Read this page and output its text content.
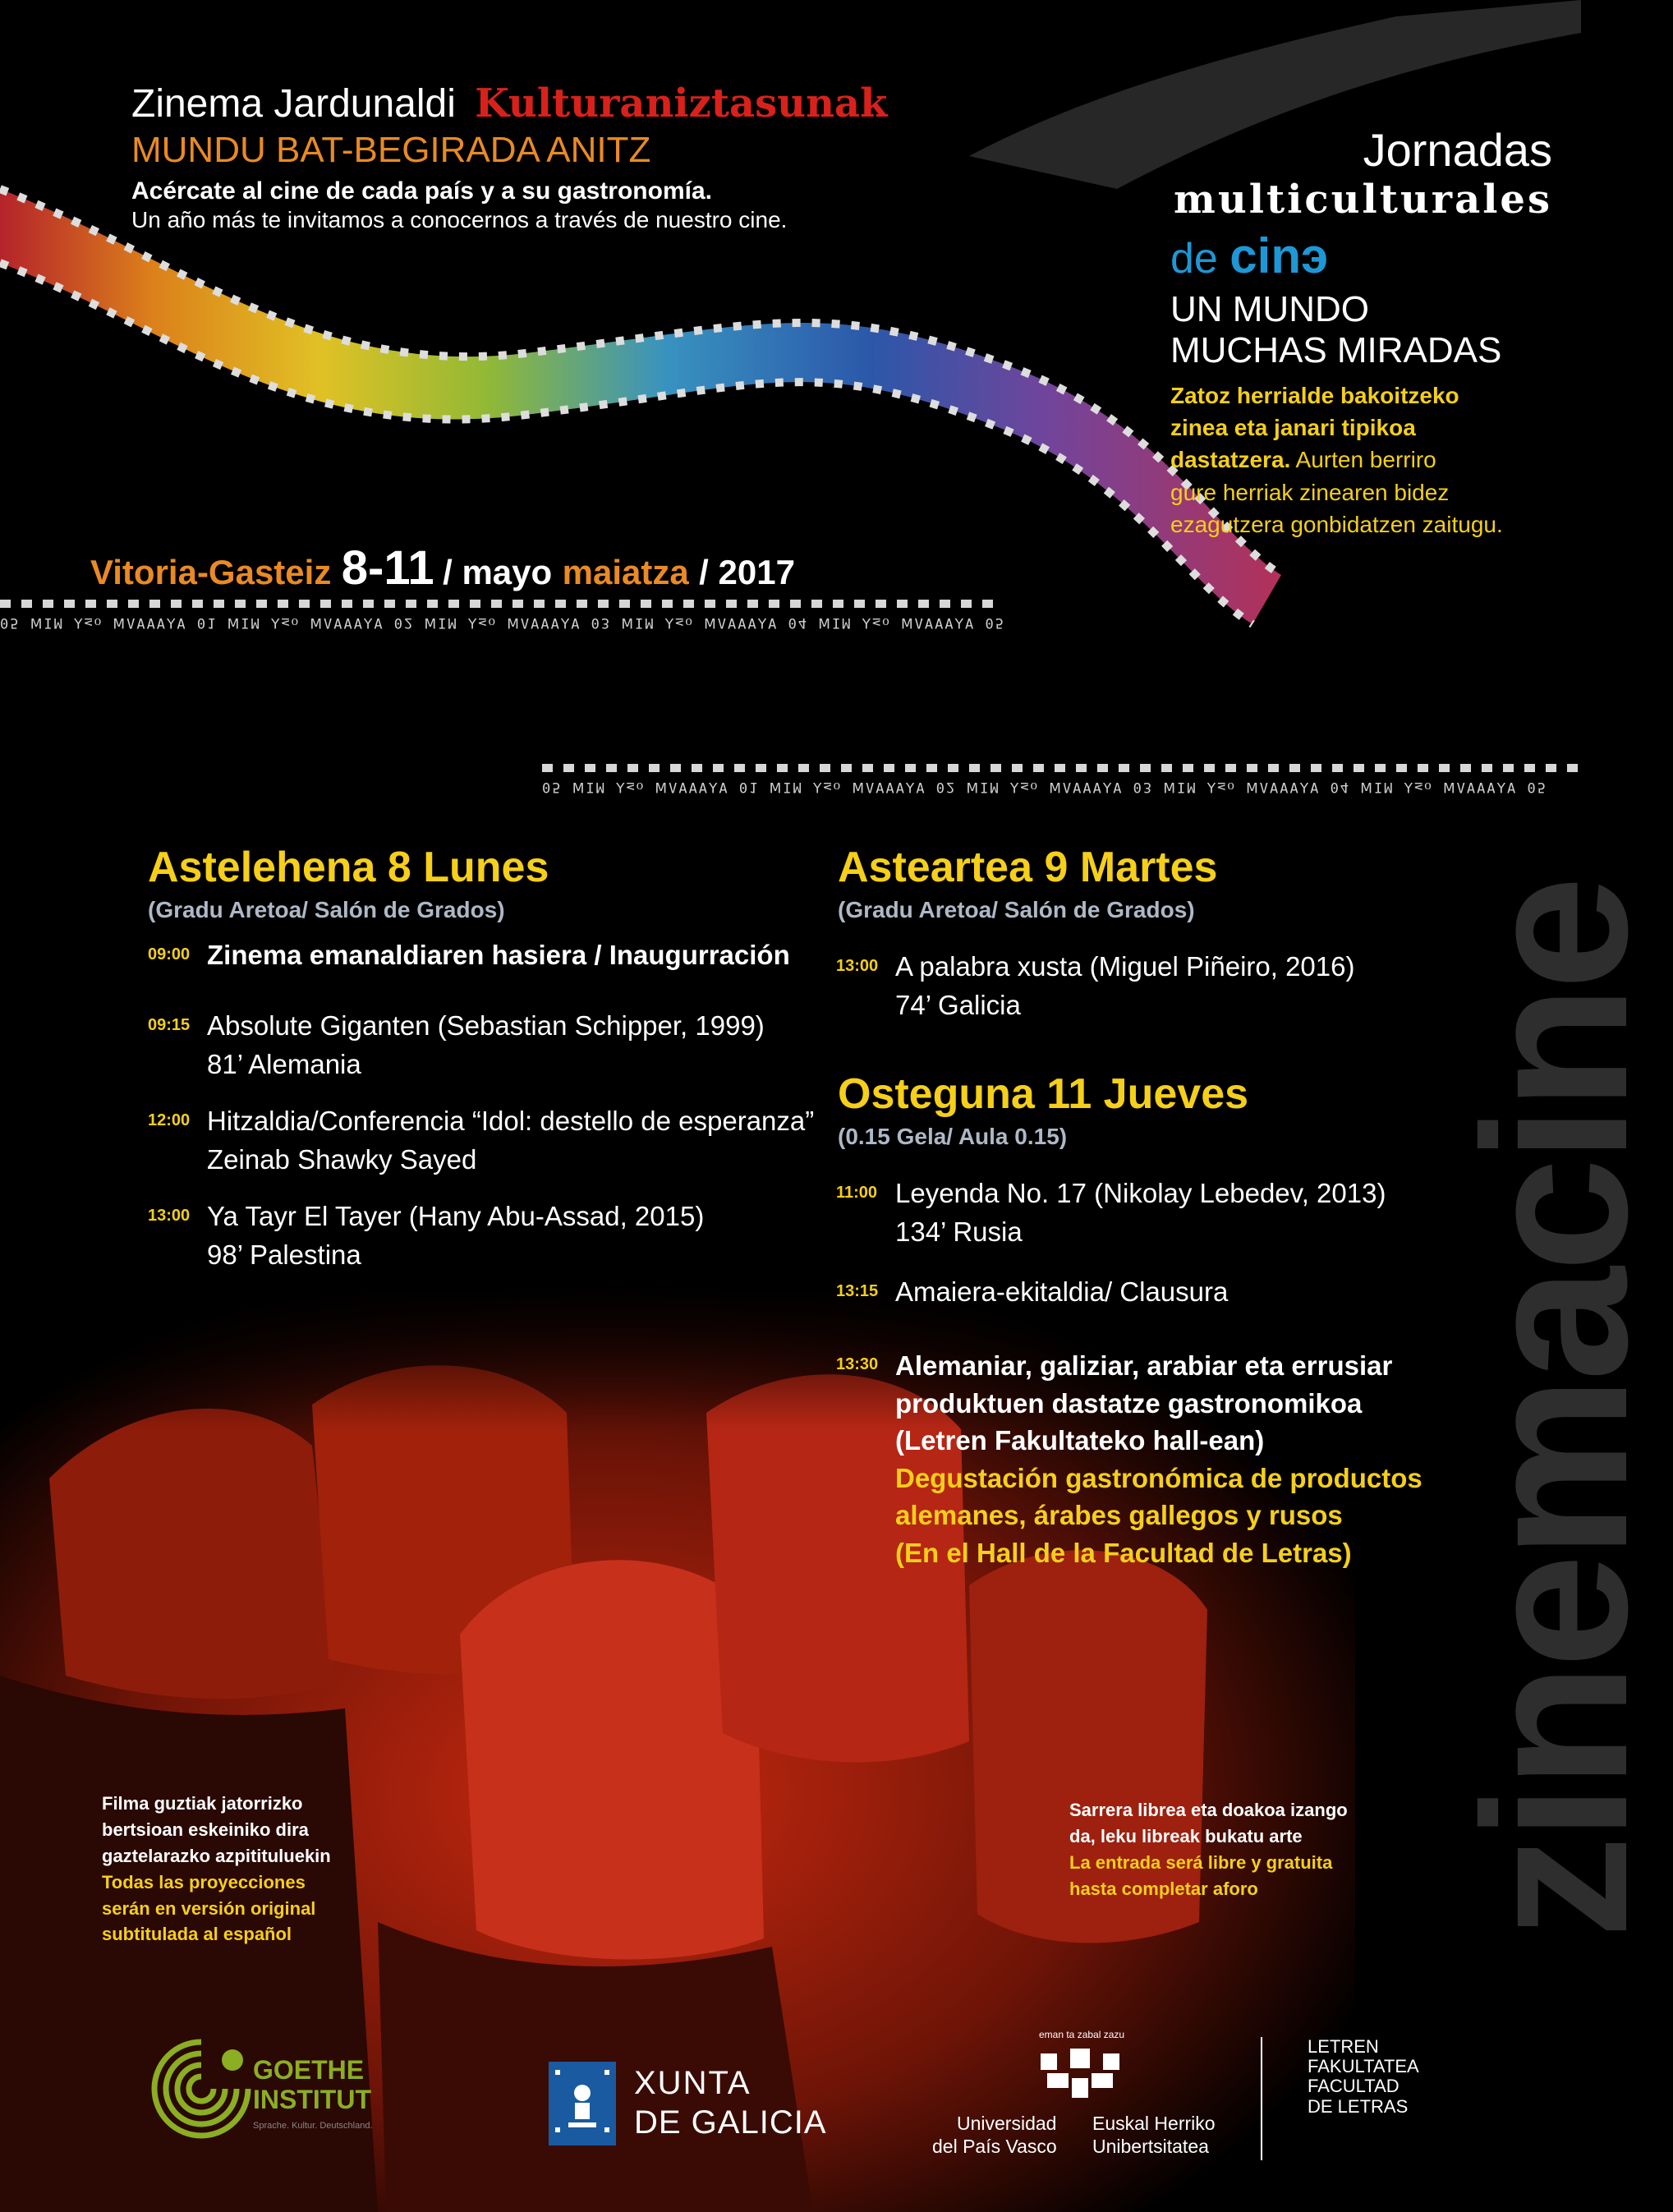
Zinema Jardunaldi Kulturaniztasunak
MUNDU BAT-BEGIRADA ANITZ
Acércate al cine de cada país y a su gastronomía.
Un año más te invitamos a conocernos a través de nuestro cine.
Jornadas
multiculturales
de cinэ
UN MUNDO
MUCHAS MIRADAS
Zatoz herrialde bakoitzeko
zinea eta janari tipikoa
dastatzera. Aurten berriro
gure herriak zinearen bidez
ezagutzera gonbidatzen zaitugu.
Vitoria-Gasteiz 8-11 / mayo maiatza / 2017
05 ꟽIM ⅄≤ᴏ ꟽɅⱯⱯⱯ⅄Ɐ 01 ꟽIM ⅄≤ᴏ ꟽɅⱯⱯⱯ⅄Ɐ 02 ꟽIM ⅄≤ᴏ ꟽɅⱯⱯⱯ⅄Ɐ 03 ꟽIM ⅄≤ᴏ ꟽɅⱯⱯⱯ⅄Ɐ 04 ꟽIM ⅄≤ᴏ ꟽɅⱯⱯⱯ⅄Ɐ 05
05 ꟽIM ⅄≤ᴏ ꟽɅⱯⱯⱯ⅄Ɐ 01 ꟽIM ⅄≤ᴏ ꟽɅⱯⱯⱯ⅄Ɐ 02 ꟽIM ⅄≤ᴏ ꟽɅⱯⱯⱯ⅄Ɐ 03 ꟽIM ⅄≤ᴏ ꟽɅⱯⱯⱯ⅄Ɐ 04 ꟽIM ⅄≤ᴏ ꟽɅⱯⱯⱯ⅄Ɐ 05
zinemacine
Astelehena 8 Lunes
(Gradu Aretoa/ Salón de Grados)
09:00 Zinema emanaldiaren hasiera / Inaugurración
09:15 Absolute Giganten (Sebastian Schipper, 1999)
81’ Alemania
12:00 Hitzaldia/Conferencia “Idol: destello de esperanza”
Zeinab Shawky Sayed
13:00 Ya Tayr El Tayer (Hany Abu-Assad, 2015)
98’ Palestina
Asteartea 9 Martes
(Gradu Aretoa/ Salón de Grados)
13:00 A palabra xusta (Miguel Piñeiro, 2016)
74’ Galicia
Osteguna 11 Jueves
(0.15 Gela/ Aula 0.15)
11:00 Leyenda No. 17 (Nikolay Lebedev, 2013)
134’ Rusia
13:15 Amaiera-ekitaldia/ Clausura
13:30 Alemaniar, galiziar, arabiar eta errusiar
produktuen dastatze gastronomikoa
(Letren Fakultateko hall-ean)
Degustación gastronómica de productos
alemanes, árabes gallegos y rusos
(En el Hall de la Facultad de Letras)
Filma guztiak jatorrizko
bertsioan eskeiniko dira
gaztelarazko azpitituluekin
Todas las proyecciones
serán en versión original
subtitulada al español
Sarrera librea eta doakoa izango
da, leku libreak bukatu arte
La entrada será libre y gratuita
hasta completar aforo
GOETHE
INSTITUT
Sprache. Kultur. Deutschland.
XUNTA
DE GALICIA
eman ta zabal zazu
Universidad
del País Vasco
Euskal Herriko
Unibertsitatea
LETREN
FAKULTATEA
FACULTAD
DE LETRAS
